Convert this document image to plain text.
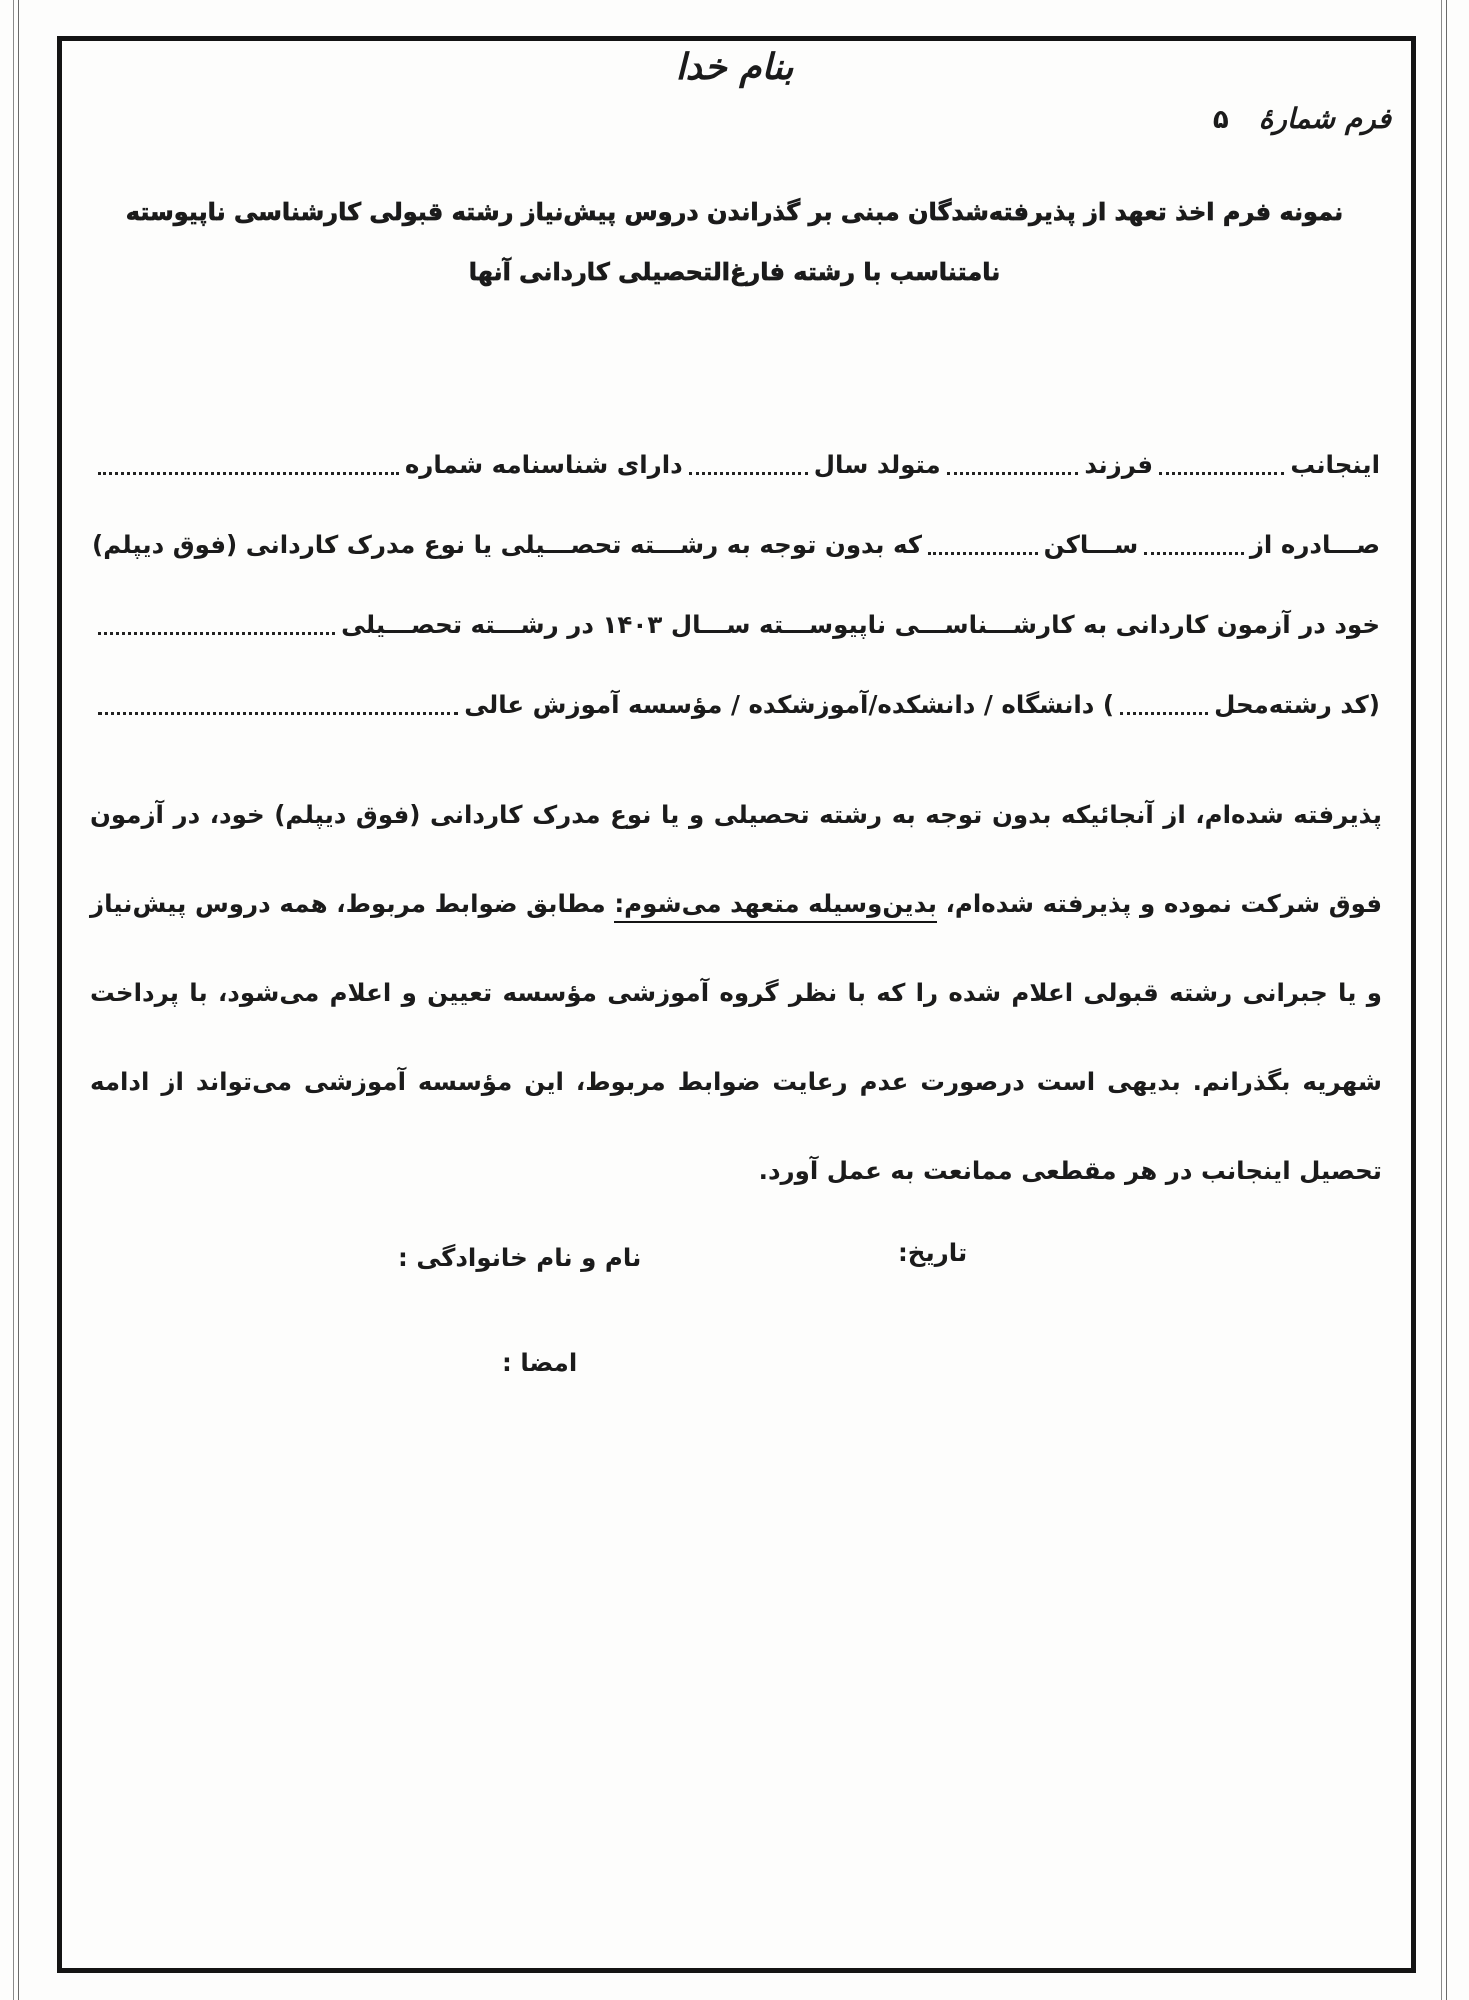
بنام خدا
فرم شمارهٔ
۵
نمونه فرم اخذ تعهد از پذیرفته‌شدگان مبنی بر گذراندن دروس پیش‌نیاز رشته قبولی کارشناسی ناپیوسته
نامتناسب با رشته فارغ‌التحصیلی کاردانی آنها
اینجانب
فرزند
متولد سال
دارای شناسنامه شماره
صـــادره از
ســـاکن
که بدون توجه به رشـــته تحصـــیلی یا نوع مدرک کاردانی (فوق دیپلم)
خود در آزمون کاردانی به کارشـــناســـی ناپیوســـته ســـال ۱۴۰۳ در رشـــته تحصـــیلی
(کد رشته‌محل
) دانشگاه / دانشکده/آموزشکده / مؤسسه آموزش عالی
پذیرفته شده‌ام، از آنجائیکه بدون توجه به رشته تحصیلی و یا نوع مدرک کاردانی (فوق دیپلم) خود، در آزمون فوق شرکت نموده و پذیرفته شده‌ام، بدین‌وسیله متعهد می‌شوم: مطابق ضوابط مربوط، همه دروس پیش‌نیاز و یا جبرانی رشته قبولی اعلام شده را که با نظر گروه آموزشی مؤسسه تعیین و اعلام می‌شود، با پرداخت شهریه بگذرانم. بدیهی است درصورت عدم رعایت ضوابط مربوط، این مؤسسه آموزشی می‌تواند از ادامه تحصیل اینجانب در هر مقطعی ممانعت به عمل آورد.
تاریخ:
نام و نام خانوادگی :
امضا :
